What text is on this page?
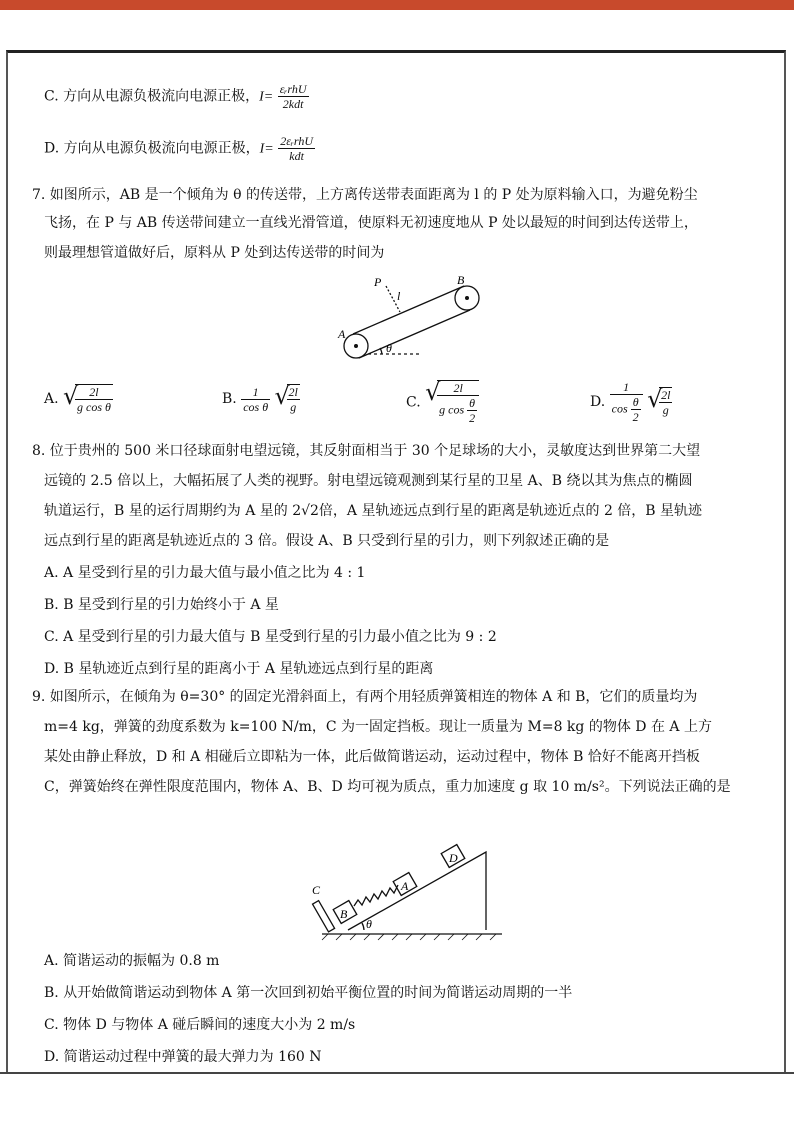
C. 方向从电源负极流向电源正极，$I= \frac{\text{εᵣrhU}}{\text{2kdt}}$
D. 方向从电源负极流向电源正极，$I= \frac{\text{2εᵣrhU}}{\text{kdt}}$
7. 如图所示，AB 是一个倾角为 θ 的传送带，上方离传送带表面距离为 l 的 P 处为原料输入口，为避免粉尘
飞扬，在 P 与 AB 传送带间建立一直线光滑管道，使原料无初速度地从 P 处以最短的时间到达传送带上，
则最理想管道做好后，原料从 P 处到达传送带的时间为
P
l
B
A
θ
A. √
$\frac{2l}{\text{g cos θ}}$	B. $\frac{1}{\text{cos θ}}$
√
$\frac{2l}{g}$	C. √
$\frac{2l}{g \cos \frac{\theta}{2}}$	D. $\frac{1}{\cos \frac{\theta}{2}}$
√
$\frac{2l}{g}$
8. 位于贵州的 500 米口径球面射电望远镜，其反射面相当于 30 个足球场的大小，灵敏度达到世界第二大望
远镜的 2.5 倍以上，大幅拓展了人类的视野。射电望远镜观测到某行星的卫星 A、B 绕以其为焦点的椭圆
轨道运行，B 星的运行周期约为 A 星的 2√2倍，A 星轨迹远点到行星的距离是轨迹近点的 2 倍，B 星轨迹
远点到行星的距离是轨迹近点的 3 倍。假设 A、B 只受到行星的引力，则下列叙述正确的是
A. A 星受到行星的引力最大值与最小值之比为 4 : 1
B. B 星受到行星的引力始终小于 A 星
C. A 星受到行星的引力最大值与 B 星受到行星的引力最小值之比为 9 : 2
D. B 星轨迹近点到行星的距离小于 A 星轨迹远点到行星的距离
9. 如图所示，在倾角为 θ=30° 的固定光滑斜面上，有两个用轻质弹簧相连的物体 A 和 B，它们的质量均为
m=4 kg，弹簧的劲度系数为 k=100 N/m，C 为一固定挡板。现让一质量为 M=8 kg 的物体 D 在 A 上方
某处由静止释放，D 和 A 相碰后立即粘为一体，此后做简谐运动，运动过程中，物体 B 恰好不能离开挡板
C，弹簧始终在弹性限度范围内，物体 A、B、D 均可视为质点，重力加速度 g 取 10 m/s²。下列说法正确的是
C
B
A
D
θ
A. 简谐运动的振幅为 0.8 m
B. 从开始做简谐运动到物体 A 第一次回到初始平衡位置的时间为简谐运动周期的一半
C. 物体 D 与物体 A 碰后瞬间的速度大小为 2 m/s
D. 简谐运动过程中弹簧的最大弹力为 160 N
